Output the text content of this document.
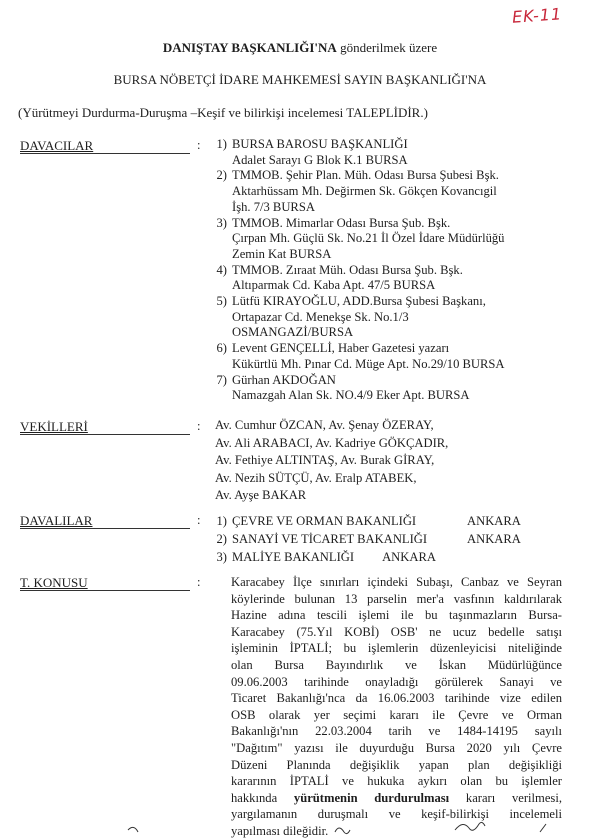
EK-11
DANIŞTAY BAŞKANLIĞI'NA gönderilmek üzere
BURSA NÖBETÇİ İDARE MAHKEMESİ SAYIN BAŞKANLIĞI'NA
(Yürütmeyi Durdurma-Duruşma –Keşif ve bilirkişi incelemesi TALEPLİDİR.)
DAVACILAR	:	1) BURSA BAROSU BAŞKANLIĞI
Adalet Sarayı G Blok K.1 BURSA
2) TMMOB. Şehir Plan. Müh. Odası Bursa Şubesi Bşk.
Aktarhüssam Mh. Değirmen Sk. Gökçen Kovancıgil
İşh. 7/3 BURSA
3) TMMOB. Mimarlar Odası Bursa Şub. Bşk.
Çırpan Mh. Güçlü Sk. No.21 İl Özel İdare Müdürlüğü
Zemin Kat BURSA
4) TMMOB. Zıraat Müh. Odası Bursa Şub. Bşk.
Altıparmak Cd. Kaba Apt. 47/5 BURSA
5) Lütfü KIRAYOĞLU, ADD.Bursa Şubesi Başkanı,
Ortapazar Cd. Menekşe Sk. No.1/3
OSMANGAZİ/BURSA
6) Levent GENÇELLİ, Haber Gazetesi yazarı
Kükürtlü Mh. Pınar Cd. Müge Apt. No.29/10 BURSA
7) Gürhan AKDOĞAN
Namazgah Alan Sk. NO.4/9 Eker Apt. BURSA
VEKİLLERİ	: Av. Cumhur ÖZCAN, Av. Şenay ÖZERAY,
Av. Ali ARABACI, Av. Kadriye GÖKÇADIR,
Av. Fethiye ALTINTAŞ, Av. Burak GİRAY,
Av. Nezih SÜTÇÜ, Av. Eralp ATABEK,
Av. Ayşe BAKAR
DAVALILAR	:	1) ÇEVRE VE ORMAN BAKANLIĞI	ANKARA
2) SANAYİ VE TİCARET BAKANLIĞI	ANKARA
3) MALİYE BAKANLIĞI	ANKARA
T. KONUSU	: Karacabey İlçe sınırları içindeki Subaşı, Canbaz ve Seyran
köylerinde bulunan 13 parselin mer'a vasfının kaldırılarak
Hazine adına tescili işlemi ile bu taşınmazların Bursa-
Karacabey (75.Yıl KOBİ) OSB' ne ucuz bedelle satışı
işleminin İPTALİ; bu işlemlerin düzenleyicisi niteliğinde
olan Bursa Bayındırlık ve İskan Müdürlüğünce
09.06.2003 tarihinde onayladığı görülerek Sanayi ve
Ticaret Bakanlığı'nca da 16.06.2003 tarihinde vize edilen
OSB olarak yer seçimi kararı ile Çevre ve Orman
Bakanlığı'nın 22.03.2004 tarih ve 1484-14195 sayılı
"Dağıtım" yazısı ile duyurduğu Bursa 2020 yılı Çevre
Düzeni Planında değişiklik yapan plan değişikliği
kararının İPTALİ ve hukuka aykırı olan bu işlemler
hakkında yürütmenin durdurulması kararı verilmesi,
yargılamanın duruşmalı ve keşif-bilirkişi incelemeli
yapılması dileğidir.
